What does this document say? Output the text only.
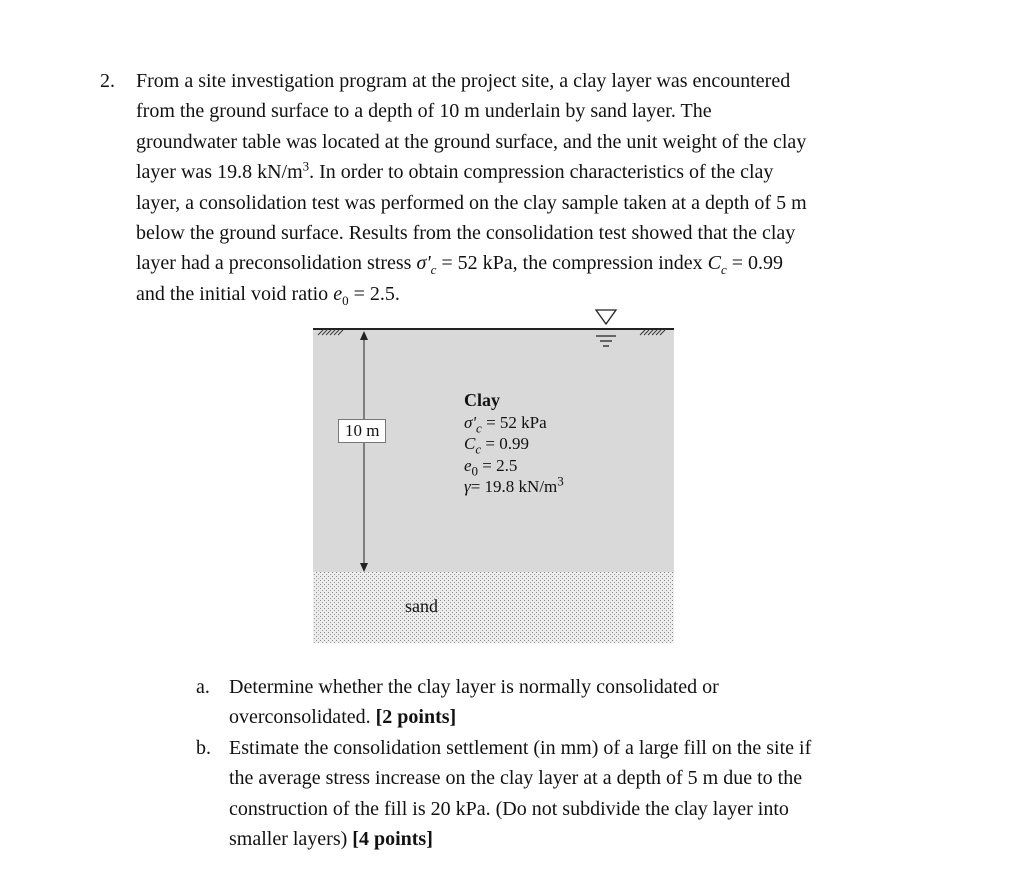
2. From a site investigation program at the project site, a clay layer was encountered
from the ground surface to a depth of 10 m underlain by sand layer. The
groundwater table was located at the ground surface, and the unit weight of the clay
layer was 19.8 $kN/m^3$. In order to obtain compression characteristics of the clay
layer, a consolidation test was performed on the clay sample taken at a depth of 5 m
below the ground surface. Results from the consolidation test showed that the clay
layer had a preconsolidation stress $\sigma'_c = 52$ kPa, the compression index $C_c = 0.99$
and the initial void ratio $e_0 = 2.5$.
10 m
Clay
$\sigma'_c = 52$ kPa
$C_c = 0.99$
$e_0 = 2.5$
γ= 19.8 $kN/m^3$
sand
a. Determine whether the clay layer is normally consolidated or
overconsolidated. [2 points]
b. Estimate the consolidation settlement (in mm) of a large fill on the site if
the average stress increase on the clay layer at a depth of 5 m due to the
construction of the fill is 20 kPa. (Do not subdivide the clay layer into
smaller layers) [4 points]
